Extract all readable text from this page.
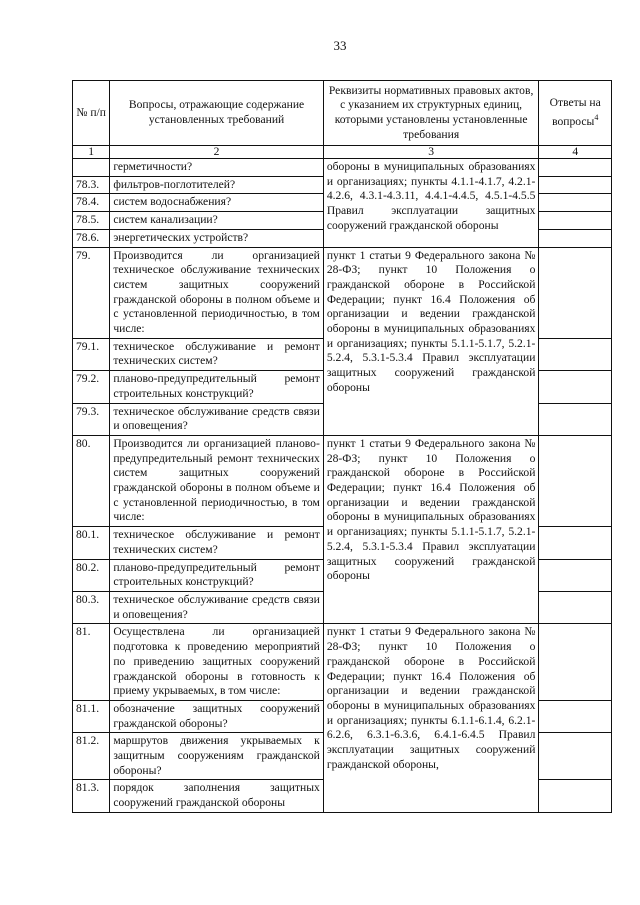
33
№ п/п	Вопросы, отражающие содержание установленных требований	Реквизиты нормативных правовых актов, с указанием их структурных единиц, которыми установлены установленные требования	Ответы на вопросы$^4$
1	2	3	4
	герметичности?	обороны в муниципальных образованиях и организациях; пункты 4.1.1-4.1.7, 4.2.1-4.2.6, 4.3.1-4.3.11, 4.4.1-4.4.5, 4.5.1-4.5.5 Правил эксплуатации защитных сооружений гражданской обороны	
78.3.	фильтров-поглотителей?		
78.4.	систем водоснабжения?		
78.5.	систем канализации?		
78.6.	энергетических устройств?		
79.	Производится ли организацией техническое обслуживание технических систем защитных сооружений гражданской обороны в полном объеме и с установленной периодичностью, в том числе:	пункт 1 статьи 9 Федерального закона № 28-ФЗ; пункт 10 Положения о гражданской обороне в Российской Федерации; пункт 16.4 Положения об организации и ведении гражданской обороны в муниципальных образованиях и организациях; пункты 5.1.1-5.1.7, 5.2.1-5.2.4, 5.3.1-5.3.4 Правил эксплуатации защитных сооружений гражданской обороны	
79.1.	техническое обслуживание и ремонт технических систем?		
79.2.	планово-предупредительный ремонт строительных конструкций?		
79.3.	техническое обслуживание средств связи и оповещения?		
80.	Производится ли организацией планово-предупредительный ремонт технических систем защитных сооружений гражданской обороны в полном объеме и с установленной периодичностью, в том числе:	пункт 1 статьи 9 Федерального закона № 28-ФЗ; пункт 10 Положения о гражданской обороне в Российской Федерации; пункт 16.4 Положения об организации и ведении гражданской обороны в муниципальных образованиях и организациях; пункты 5.1.1-5.1.7, 5.2.1-5.2.4, 5.3.1-5.3.4 Правил эксплуатации защитных сооружений гражданской обороны	
80.1.	техническое обслуживание и ремонт технических систем?		
80.2.	планово-предупредительный ремонт строительных конструкций?		
80.3.	техническое обслуживание средств связи и оповещения?		
81.	Осуществлена ли организацией подготовка к проведению мероприятий по приведению защитных сооружений гражданской обороны в готовность к приему укрываемых, в том числе:	пункт 1 статьи 9 Федерального закона № 28-ФЗ; пункт 10 Положения о гражданской обороне в Российской Федерации; пункт 16.4 Положения об организации и ведении гражданской обороны в муниципальных образованиях и организациях; пункты 6.1.1-6.1.4, 6.2.1-6.2.6, 6.3.1-6.3.6, 6.4.1-6.4.5 Правил эксплуатации защитных сооружений гражданской обороны,	
81.1.	обозначение защитных сооружений гражданской обороны?		
81.2.	маршрутов движения укрываемых к защитным сооружениям гражданской обороны?		
81.3.	порядок заполнения защитных сооружений гражданской обороны		
